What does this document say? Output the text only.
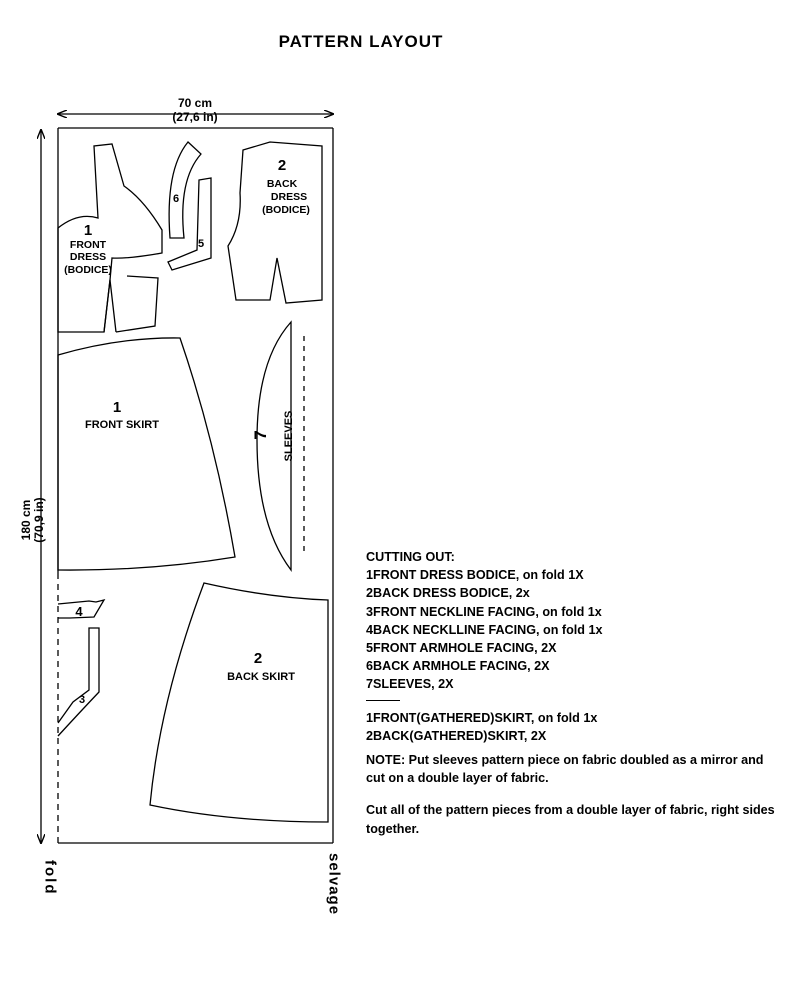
70 cm
(27,6 in)
180 cm (70,9 in)
fold	selvage
1
FRONT
DRESS
(BODICE)
6
5
2
BACK
DRESS
(BODICE)
7 SLEEVES
1
FRONT SKIRT
4
3
2
BACK SKIRT
PATTERN LAYOUT
CUTTING OUT:
1FRONT DRESS BODICE, on fold 1X
2BACK DRESS BODICE, 2x
3FRONT NECKLINE FACING, on fold 1x
4BACK NECKLLINE FACING, on fold 1x
5FRONT ARMHOLE FACING, 2X
6BACK ARMHOLE FACING, 2X
7SLEEVES, 2X
1FRONT(GATHERED)SKIRT, on fold 1x
2BACK(GATHERED)SKIRT, 2X
NOTE: Put sleeves pattern piece on fabric doubled as a mirror and cut on a double layer of fabric.
Cut all of the pattern pieces from a double layer of fabric, right sides together.
